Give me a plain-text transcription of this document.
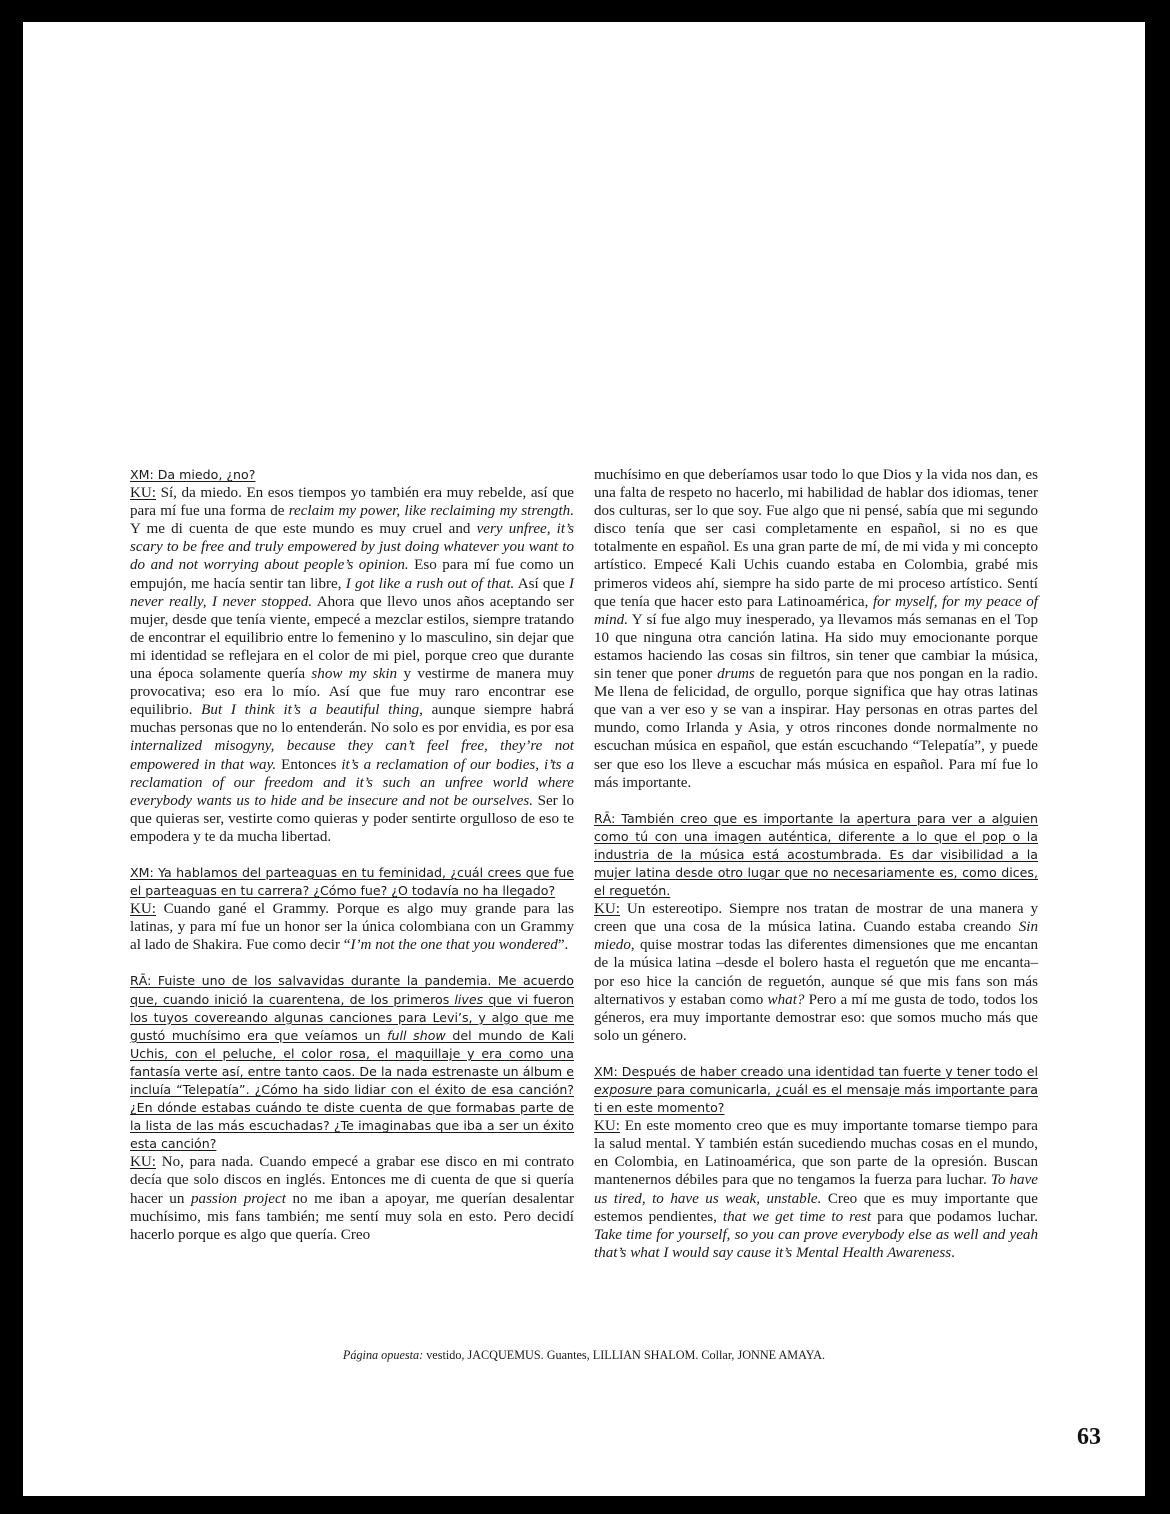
XM: Da miedo, ¿no?

KU: Sí, da miedo. En esos tiempos yo también era muy rebelde, así que para mí fue una forma de reclaim my power, like reclaiming my strength. Y me di cuenta de que este mundo es muy cruel and very unfree, it’s scary to be free and truly empowered by just doing whatever you want to do and not worrying about people’s opinion. Eso para mí fue como un empujón, me hacía sentir tan libre, I got like a rush out of that. Así que I never really, I never stopped. Ahora que llevo unos años aceptando ser mujer, desde que tenía viente, empecé a mezclar estilos, siempre tratando de encontrar el equilibrio entre lo femenino y lo masculino, sin dejar que mi identidad se reflejara en el color de mi piel, porque creo que durante una época solamente quería show my skin y vestirme de manera muy provocativa; eso era lo mío. Así que fue muy raro encontrar ese equilibrio. But I think it’s a beautiful thing, aunque siempre habrá muchas personas que no lo entenderán. No solo es por envidia, es por esa internalized misogyny, because they can’t feel free, they’re not empowered in that way. Entonces it’s a reclamation of our bodies, i’ts a reclamation of our freedom and it’s such an unfree world where everybody wants us to hide and be insecure and not be ourselves. Ser lo que quieras ser, vestirte como quieras y poder sentirte orgulloso de eso te empodera y te da mucha libertad.

XM: Ya hablamos del parteaguas en tu feminidad, ¿cuál crees que fue el parteaguas en tu carrera? ¿Cómo fue? ¿O todavía no ha llegado?

KU: Cuando gané el Grammy. Porque es algo muy grande para las latinas, y para mí fue un honor ser la única colombiana con un Grammy al lado de Shakira. Fue como decir “I’m not the one that you wondered”.

RĀ: Fuiste uno de los salvavidas durante la pandemia. Me acuerdo que, cuando inició la cuarentena, de los primeros lives que vi fueron los tuyos covereando algunas canciones para Levi’s, y algo que me gustó muchísimo era que veíamos un full show del mundo de Kali Uchis, con el peluche, el color rosa, el maquillaje y era como una fantasía verte así, entre tanto caos. De la nada estrenaste un álbum e incluía “Telepatía”. ¿Cómo ha sido lidiar con el éxito de esa canción? ¿En dónde estabas cuándo te diste cuenta de que formabas parte de la lista de las más escuchadas? ¿Te imaginabas que iba a ser un éxito esta canción?

KU: No, para nada. Cuando empecé a grabar ese disco en mi contrato decía que solo discos en inglés. Entonces me di cuenta de que si quería hacer un passion project no me iban a apoyar, me querían desalentar muchísimo, mis fans también; me sentí muy sola en esto. Pero decidí hacerlo porque es algo que quería. Creo

muchísimo en que deberíamos usar todo lo que Dios y la vida nos dan, es una falta de respeto no hacerlo, mi habilidad de hablar dos idiomas, tener dos culturas, ser lo que soy. Fue algo que ni pensé, sabía que mi segundo disco tenía que ser casi completamente en español, si no es que totalmente en español. Es una gran parte de mí, de mi vida y mi concepto artístico. Empecé Kali Uchis cuando estaba en Colombia, grabé mis primeros videos ahí, siempre ha sido parte de mi proceso artístico. Sentí que tenía que hacer esto para Latinoamérica, for myself, for my peace of mind. Y sí fue algo muy inesperado, ya llevamos más semanas en el Top 10 que ninguna otra canción latina. Ha sido muy emocionante porque estamos haciendo las cosas sin filtros, sin tener que cambiar la música, sin tener que poner drums de reguetón para que nos pongan en la radio. Me llena de felicidad, de orgullo, porque significa que hay otras latinas que van a ver eso y se van a inspirar. Hay personas en otras partes del mundo, como Irlanda y Asia, y otros rincones donde normalmente no escuchan música en español, que están escuchando “Telepatía”, y puede ser que eso los lleve a escuchar más música en español. Para mí fue lo más importante.

RĀ: También creo que es importante la apertura para ver a alguien como tú con una imagen auténtica, diferente a lo que el pop o la industria de la música está acostumbrada. Es dar visibilidad a la mujer latina desde otro lugar que no necesariamente es, como dices, el reguetón.

KU: Un estereotipo. Siempre nos tratan de mostrar de una manera y creen que una cosa de la música latina. Cuando estaba creando Sin miedo, quise mostrar todas las diferentes dimensiones que me encantan de la música latina –desde el bolero hasta el reguetón que me encanta– por eso hice la canción de reguetón, aunque sé que mis fans son más alternativos y estaban como what? Pero a mí me gusta de todo, todos los géneros, era muy importante demostrar eso: que somos mucho más que solo un género.

XM: Después de haber creado una identidad tan fuerte y tener todo el exposure para comunicarla, ¿cuál es el mensaje más importante para ti en este momento?

KU: En este momento creo que es muy importante tomarse tiempo para la salud mental. Y también están sucediendo muchas cosas en el mundo, en Colombia, en Latinoamérica, que son parte de la opresión. Buscan mantenernos débiles para que no tengamos la fuerza para luchar. To have us tired, to have us weak, unstable. Creo que es muy importante que estemos pendientes, that we get time to rest para que podamos luchar. Take time for yourself, so you can prove everybody else as well and yeah that’s what I would say cause it’s Mental Health Awareness.

Página opuesta: vestido, JACQUEMUS. Guantes, LILLIAN SHALOM. Collar, JONNE AMAYA.
63
